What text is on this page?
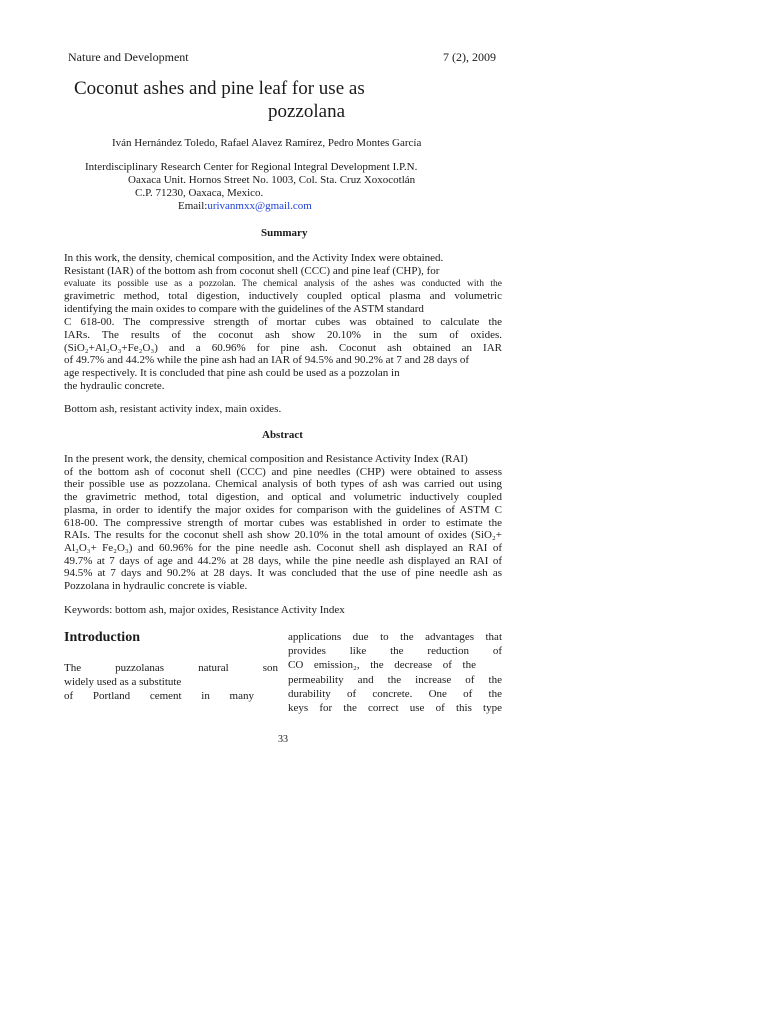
Nature and Development	7 (2), 2009
Coconut ashes and pine leaf for use as
pozzolana
Iván Hernández Toledo, Rafael Alavez Ramírez, Pedro Montes García
Interdisciplinary Research Center for Regional Integral Development I.P.N.
Oaxaca Unit. Hornos Street No. 1003, Col. Sta. Cruz Xoxocotlán
C.P. 71230, Oaxaca, Mexico.
Email:urivanmxx@gmail.com
Summary
In this work, the density, chemical composition, and the Activity Index were obtained.
Resistant (IAR) of the bottom ash from coconut shell (CCC) and pine leaf (CHP), for
evaluate its possible use as a pozzolan. The chemical analysis of the ashes was conducted with the
gravimetric method, total digestion, inductively coupled optical plasma and volumetric
identifying the main oxides to compare with the guidelines of the ASTM standard
C 618-00. The compressive strength of mortar cubes was obtained to calculate the
IARs. The results of the coconut ash show 20.10% in the sum of oxides.
(SiO₂+Al₂O₃+Fe₂O₃) and a 60.96% for pine ash. Coconut ash obtained an IAR
of 49.7% and 44.2% while the pine ash had an IAR of 94.5% and 90.2% at 7 and 28 days of
age respectively. It is concluded that pine ash could be used as a pozzolan in
the hydraulic concrete.
Bottom ash, resistant activity index, main oxides.
Abstract
In the present work, the density, chemical composition and Resistance Activity Index (RAI)
of the bottom ash of coconut shell (CCC) and pine needles (CHP) were obtained to assess
their possible use as pozzolana. Chemical analysis of both types of ash was carried out using
the gravimetric method, total digestion, and optical and volumetric inductively coupled
plasma, in order to identify the major oxides for comparison with the guidelines of ASTM C
618-00. The compressive strength of mortar cubes was established in order to estimate the
RAIs. The results for the coconut shell ash show 20.10% in the total amount of oxides (SiO₂+
Al₂O₃+ Fe₂O₃) and 60.96% for the pine needle ash. Coconut shell ash displayed an RAI of
49.7% at 7 days of age and 44.2% at 28 days, while the pine needle ash displayed an RAI of
94.5% at 7 days and 90.2% at 28 days. It was concluded that the use of pine needle ash as
Pozzolana in hydraulic concrete is viable.
Keywords: bottom ash, major oxides, Resistance Activity Index
Introduction
The puzzolanas natural son
widely used as a substitute
of Portland cement in many
applications due to the advantages that
provides like the reduction of
CO emission₂, the decrease of the
permeability and the increase of the
durability of concrete. One of the
keys for the correct use of this type
33
